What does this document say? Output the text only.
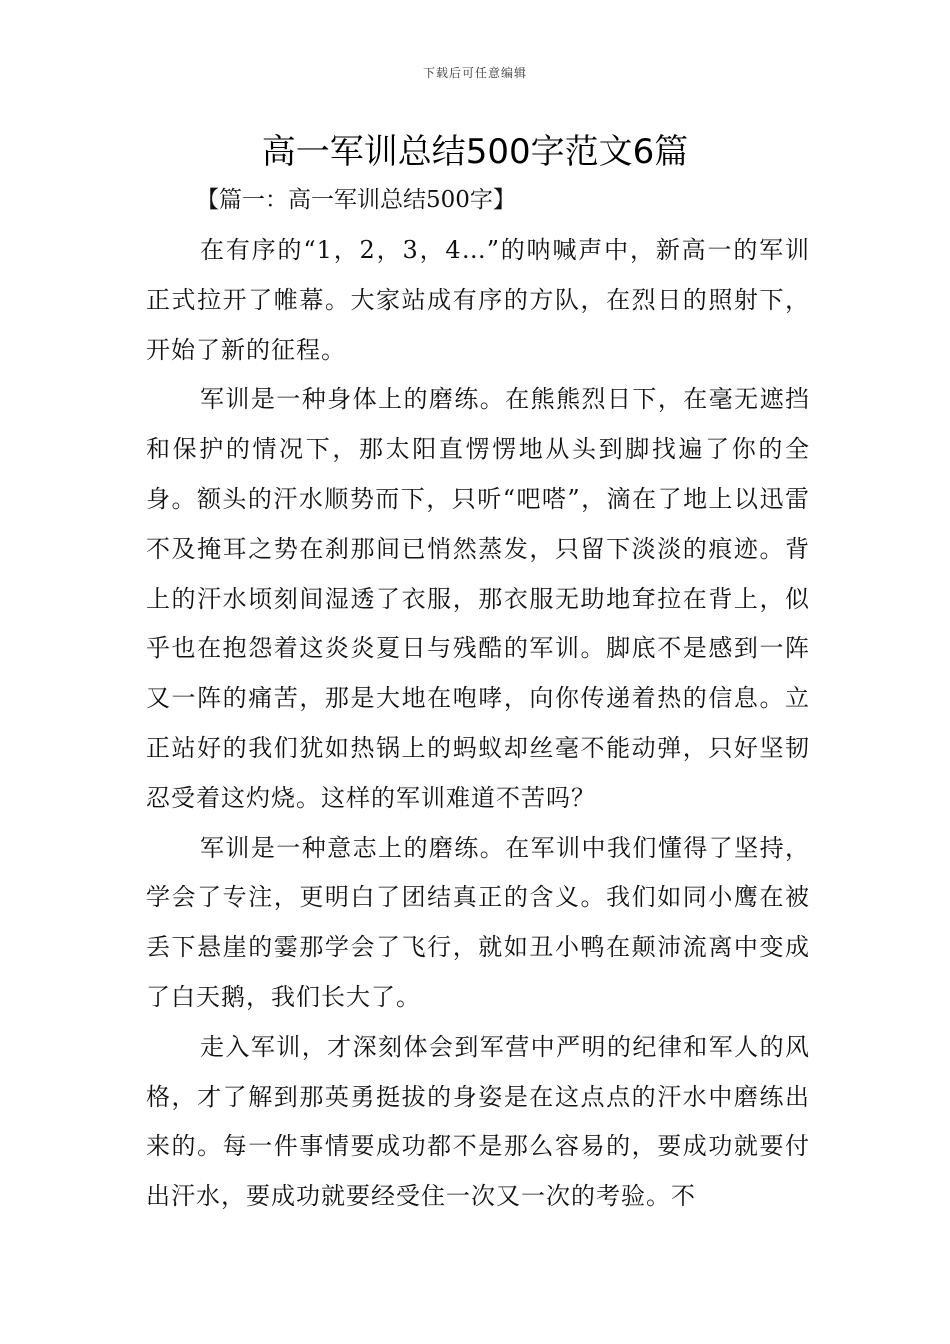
下载后可任意编辑
高一军训总结500字范文6篇
【篇一：高一军训总结500字】

在有序的“1，2，3，4…”的呐喊声中，新高一的军训正式拉开了帷幕。大家站成有序的方队，在烈日的照射下，开始了新的征程。

军训是一种身体上的磨练。在熊熊烈日下，在毫无遮挡和保护的情况下，那太阳直愣愣地从头到脚找遍了你的全身。额头的汗水顺势而下，只听“吧嗒”，滴在了地上以迅雷不及掩耳之势在刹那间已悄然蒸发，只留下淡淡的痕迹。背上的汗水顷刻间湿透了衣服，那衣服无助地耷拉在背上，似乎也在抱怨着这炎炎夏日与残酷的军训。脚底不是感到一阵又一阵的痛苦，那是大地在咆哮，向你传递着热的信息。立正站好的我们犹如热锅上的蚂蚁却丝毫不能动弹，只好坚韧忍受着这灼烧。这样的军训难道不苦吗？

军训是一种意志上的磨练。在军训中我们懂得了坚持，学会了专注，更明白了团结真正的含义。我们如同小鹰在被丢下悬崖的霎那学会了飞行，就如丑小鸭在颠沛流离中变成了白天鹅，我们长大了。

走入军训，才深刻体会到军营中严明的纪律和军人的风格，才了解到那英勇挺拔的身姿是在这点点的汗水中磨练出来的。每一件事情要成功都不是那么容易的，要成功就要付出汗水，要成功就要经受住一次又一次的考验。不
